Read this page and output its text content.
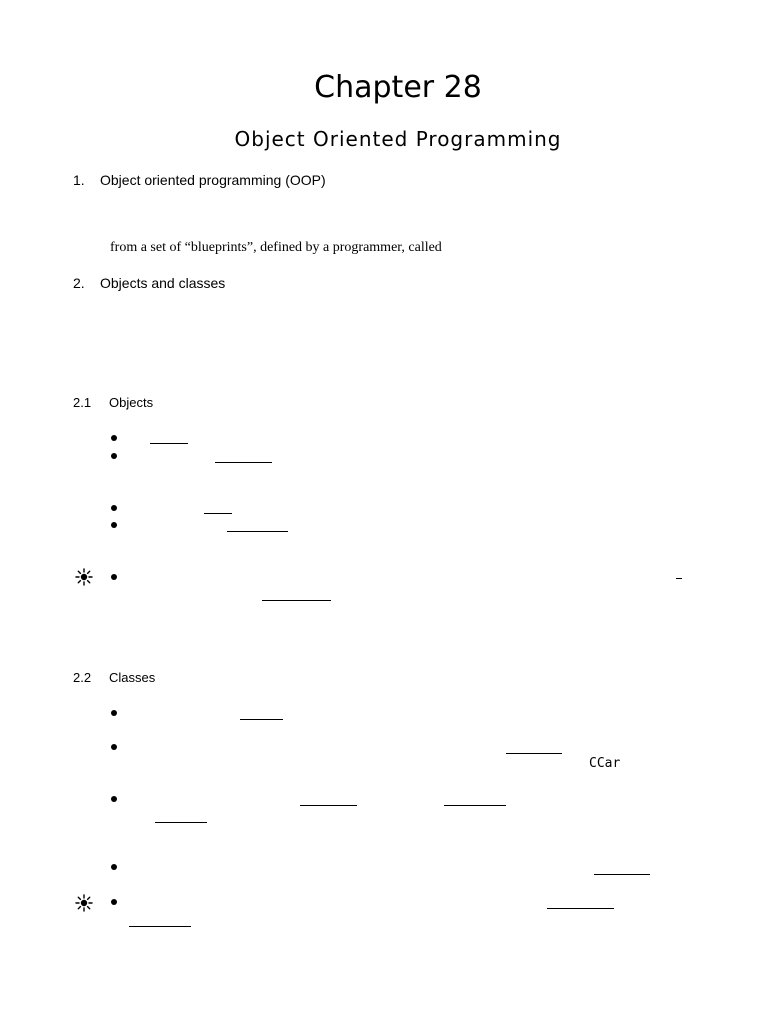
Chapter 28
Object Oriented Programming
1. Object oriented programming (OOP)
from a set of “blueprints”, defined by a programmer, called
2. Objects and classes
2.1 Objects
2.2 Classes
CCar
